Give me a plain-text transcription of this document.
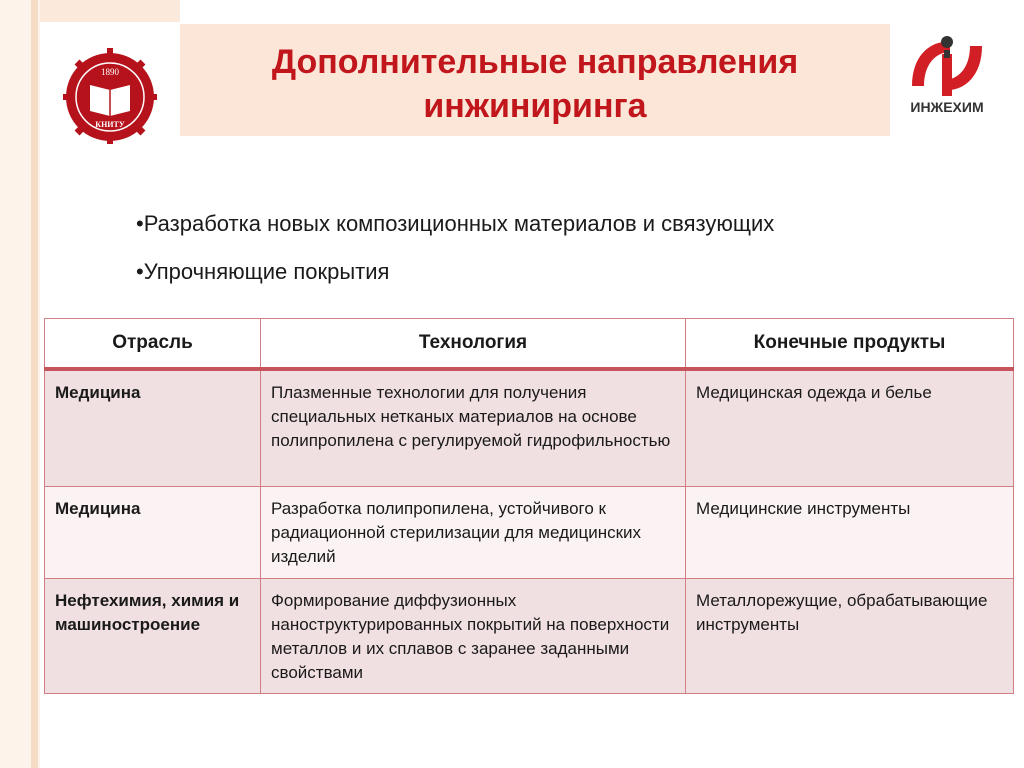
1890
КНИТУ
Дополнительные направления
инжиниринга	ИНЖЕХИМ
•Разработка новых композиционных материалов и связующих
•Упрочняющие покрытия
Отрасль	Технология	Конечные продукты
Медицина	Плазменные технологии для получения специальных нетканых материалов на основе полипропилена с регулируемой гидрофильностью	Медицинская одежда и белье
Медицина	Разработка полипропилена, устойчивого к радиационной стерилизации для медицинских изделий	Медицинские инструменты
Нефтехимия, химия и машиностроение	Формирование диффузионных наноструктурированных покрытий на поверхности металлов и их сплавов с заранее заданными свойствами	Металлорежущие, обрабатывающие инструменты
